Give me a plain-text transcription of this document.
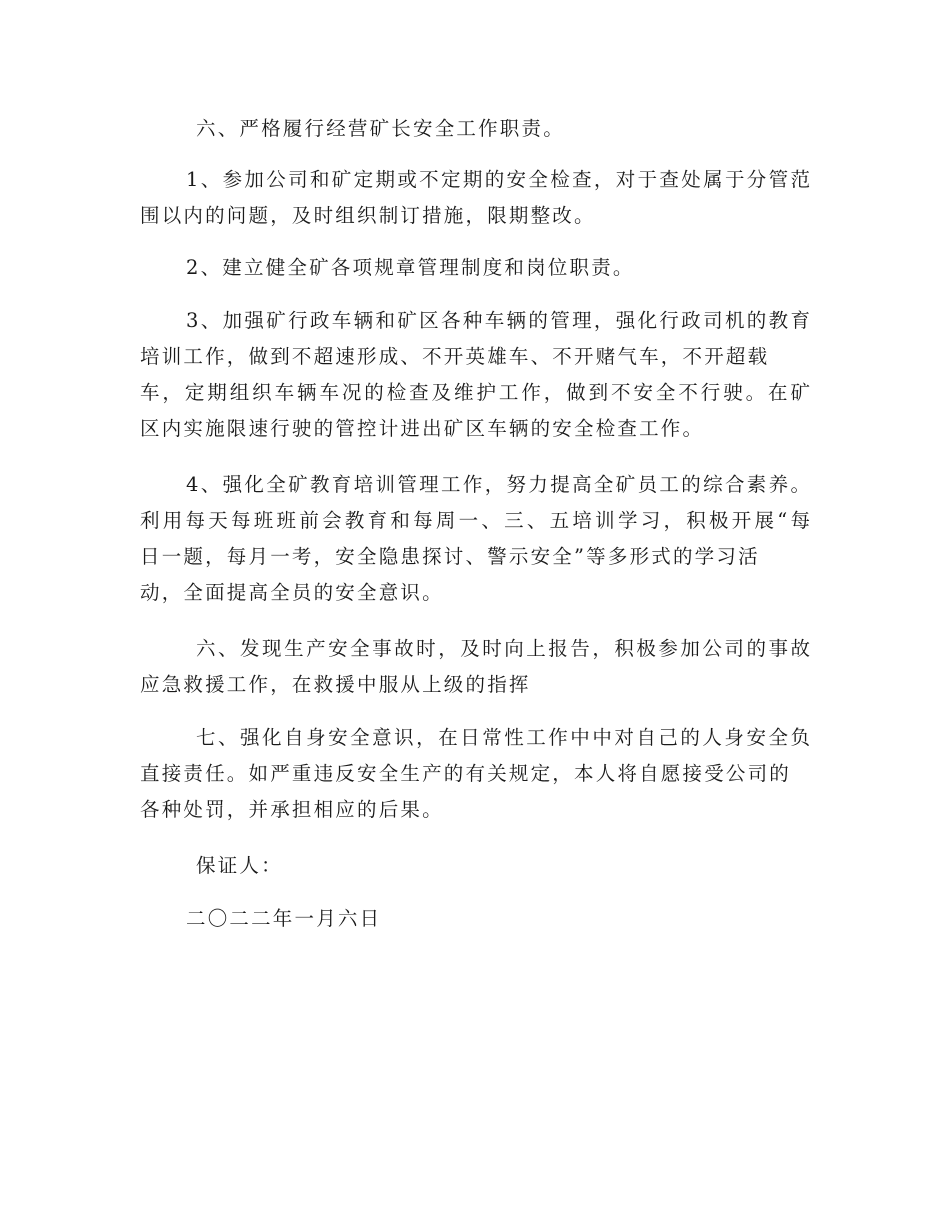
六、严格履行经营矿长安全工作职责。
1、参加公司和矿定期或不定期的安全检查，对于查处属于分管范
围以内的问题，及时组织制订措施，限期整改。
2、建立健全矿各项规章管理制度和岗位职责。
3、加强矿行政车辆和矿区各种车辆的管理，强化行政司机的教育
培训工作，做到不超速形成、不开英雄车、不开赌气车，不开超载
车，定期组织车辆车况的检查及维护工作，做到不安全不行驶。在矿
区内实施限速行驶的管控计进出矿区车辆的安全检查工作。
4、强化全矿教育培训管理工作，努力提高全矿员工的综合素养。
利用每天每班班前会教育和每周一、三、五培训学习，积极开展“每
日一题，每月一考，安全隐患探讨、警示安全”等多形式的学习活
动，全面提高全员的安全意识。
六、发现生产安全事故时，及时向上报告，积极参加公司的事故
应急救援工作，在救援中服从上级的指挥
七、强化自身安全意识，在日常性工作中中对自己的人身安全负
直接责任。如严重违反安全生产的有关规定，本人将自愿接受公司的
各种处罚，并承担相应的后果。
保证人：
二〇二二年一月六日
